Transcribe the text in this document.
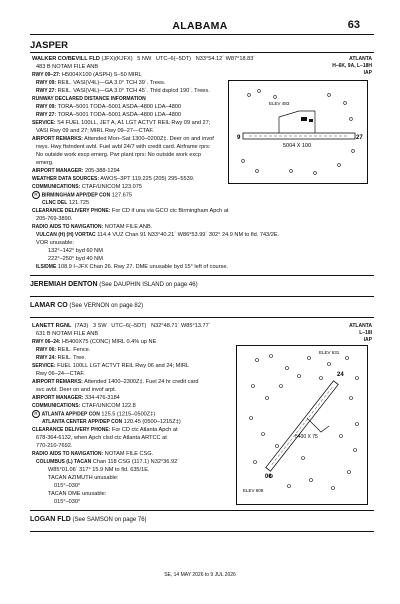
ALABAMA	63
JASPER
WALKER CO/BEVILL FLD (JFX)(KJFX) 5 NW UTC–6(–5DT) N33°54.12´ W87°18.83´	ATLANTA
H–6K, 9A, L–18H
IAP
483 B NOTAM FILE ANB
RWY 09–27: H5004X100 (ASPH) S–50 MIRL
RWY 09: REIL. VASI(V4L)—GA 3.0° TCH 39´. Trees.
RWY 27: REIL. VASI(V4L)—GA 3.0° TCH 45´. Thld dsplcd 190´. Trees.
RUNWAY DECLARED DISTANCE INFORMATION
RWY 09: TORA–5001 TODA–5001 ASDA–4800 LDA–4800
RWY 27: TORA–5001 TODA–5001 ASDA–4800 LDA–4800
SERVICE: S4 FUEL 100LL, JET A, A1 LGT ACTVT REIL Rwy 09 and 27;
VASI Rwy 09 and 27; MIRL Rwy 09–27—CTAF.
AIRPORT REMARKS: Attended Mon–Sat 1300–0200Z‡. Deer on and invof
rwys. Hwy ftstndent avbl. Fuel avbl 24/7 with credit card. Airframe rprs:
No outside work excp emerg. Pwr plant rprs: No outside work excp
emerg.
AIRPORT MANAGER: 205-388-1294
WEATHER DATA SOURCES: AWOS–3PT 119.225 (205) 295–5539.
COMMUNICATIONS: CTAF/UNICOM 123.075
R BIRMINGHAM APP/DEP CON 127.675
CLNC DEL 121.725
CLEARANCE DELIVERY PHONE: For CD if una via GCO ctc Birmingham Apch at
205-769-3890.
RADIO AIDS TO NAVIGATION: NOTAM FILE ANB.
VULCAN (H) (H) VORTAC 114.4 VUZ Chan 91 N33°40.21´ W86°53.99´ 302° 24.9 NM to fld. 743/2E.
VOR unusable:
132°–142° byd 60 NM
222°–250° byd 40 NM
ILS/DME 108.9 I–JFX Chan 26. Rwy 27. DME unusable byd 15° left of course.
5004 X 100
9	27
ELEV 483
JEREMIAH DENTON (See DAUPHIN ISLAND on page 46)
LAMAR CO (See VERNON on page 82)
LANETT RGNL (7A3) 3 SW UTC–6(–5DT) N32°48.71´ W85°13.77´	ATLANTA
L–18I
IAP
631 B NOTAM FILE ANB
RWY 06–24: H5400X75 (CONC) MIRL 0.4% up NE
RWY 06: REIL. Fence.
RWY 24: REIL. Tree.
SERVICE: FUEL 100LL LGT ACTVT REIL Rwy 06 and 24; MIRL
Rwy 06–24—CTAF.
AIRPORT REMARKS: Attended 1400–2300Z‡. Fuel 24 hr credit card
svc avbl. Deer on and invof arpt.
AIRPORT MANAGER: 334-476-3184
COMMUNICATIONS: CTAF/UNICOM 122.8
R ATLANTA APP/DEP CON 125.5 (1215–0500Z‡)
ATLANTA CENTER APP/DEP CON 120.45 (0500–1215Z‡)
CLEARANCE DELIVERY PHONE: For CD ctc Atlanta Apch at
678-364-6132, when Apch clsd ctc Atlanta ARTCC at
770-210-7692.
RADIO AIDS TO NAVIGATION: NOTAM FILE CSG.
COLUMBUS (L) TACAN Chan 118 CSG (117.1) N32°36.92´
W85°01.06´ 317° 15.9 NM to fld. 635/1E.
TACAN AZIMUTH unusable:
015°–030°
TACAN DME unusable:
015°–030°
5400 X 75
06
24
ELEV 609
ELEV 631
LOGAN FLD (See SAMSON on page 76)
SE, 14 MAY 2026 to 9 JUL 2026
